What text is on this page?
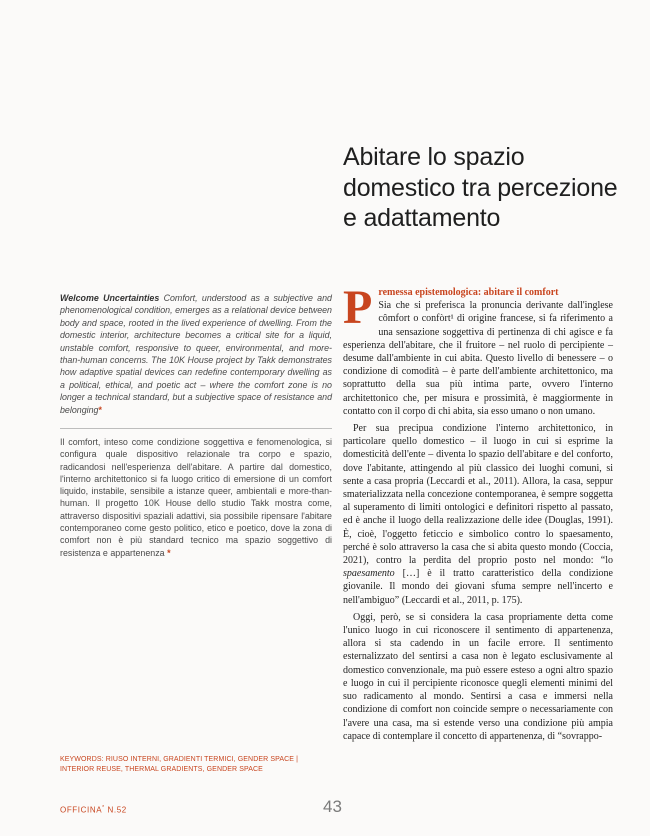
Abitare lo spazio domestico tra percezione e adattamento

Welcome Uncertainties Comfort, understood as a subjective and phenomenological condition, emerges as a relational device between body and space, rooted in the lived experience of dwelling. From the domestic interior, architecture becomes a critical site for a liquid, unstable comfort, responsive to queer, environmental, and more-than-human concerns. The 10K House project by Takk demonstrates how adaptive spatial devices can redefine contemporary dwelling as a political, ethical, and poetic act – where the comfort zone is no longer a technical standard, but a subjective space of resistance and belonging*

Il comfort, inteso come condizione soggettiva e fenomenologica, si configura quale dispositivo relazionale tra corpo e spazio, radicandosi nell'esperienza dell'abitare. A partire dal domestico, l'interno architettonico si fa luogo critico di emersione di un comfort liquido, instabile, sensibile a istanze queer, ambientali e more-than-human. Il progetto 10K House dello studio Takk mostra come, attraverso dispositivi spaziali adattivi, sia possibile ripensare l'abitare contemporaneo come gesto politico, etico e poetico, dove la zona di comfort non è più standard tecnico ma spazio soggettivo di resistenza e appartenenza *

KEYWORDS: RIUSO INTERNI, GRADIENTI TERMICI, GENDER SPACE | INTERIOR REUSE, THERMAL GRADIENTS, GENDER SPACE

Premessa epistemologica: abitare il comfort
Sia che si preferisca la pronuncia derivante dall'inglese cômfort o confòrt¹ di origine francese, si fa riferimento a una sensazione soggettiva di pertinenza di chi agisce e fa esperienza dell'abitare, che il fruitore – nel ruolo di percipiente – desume dall'ambiente in cui abita. Questo livello di benessere – o condizione di comodità – è parte dell'ambiente architettonico, ma soprattutto della sua più intima parte, ovvero l'interno architettonico che, per misura e prossimità, è maggiormente in contatto con il corpo di chi abita, sia esso umano o non umano.

Per sua precipua condizione l'interno architettonico, in particolare quello domestico – il luogo in cui si esprime la domesticità dell'ente – diventa lo spazio dell'abitare e del conforto, dove l'abitante, attingendo al più classico dei luoghi comuni, si sente a casa propria (Leccardi et al., 2011). Allora, la casa, seppur smaterializzata nella concezione contemporanea, è sempre soggetta al superamento di limiti ontologici e definitori rispetto al passato, ed è anche il luogo della realizzazione delle idee (Douglas, 1991). È, cioè, l'oggetto feticcio e simbolico contro lo spaesamento, perché è solo attraverso la casa che si abita questo mondo (Coccia, 2021), contro la perdita del proprio posto nel mondo: “lo spaesamento […] è il tratto caratteristico della condizione giovanile. Il mondo dei giovani sfuma sempre nell'incerto e nell'ambiguo” (Leccardi et al., 2011, p. 175).

Oggi, però, se si considera la casa propriamente detta come l'unico luogo in cui riconoscere il sentimento di appartenenza, allora si sta cadendo in un facile errore. Il sentimento esternalizzato del sentirsi a casa non è legato esclusivamente al domestico convenzionale, ma può essere esteso a ogni altro spazio e luogo in cui il percipiente riconosce quegli elementi minimi del suo radicamento al mondo. Sentirsi a casa e immersi nella condizione di comfort non coincide sempre o necessariamente con l'avere una casa, ma si estende verso una condizione più ampia capace di contemplare il concetto di appartenenza, di “sovrappo-

OFFICINA* N.52	43
